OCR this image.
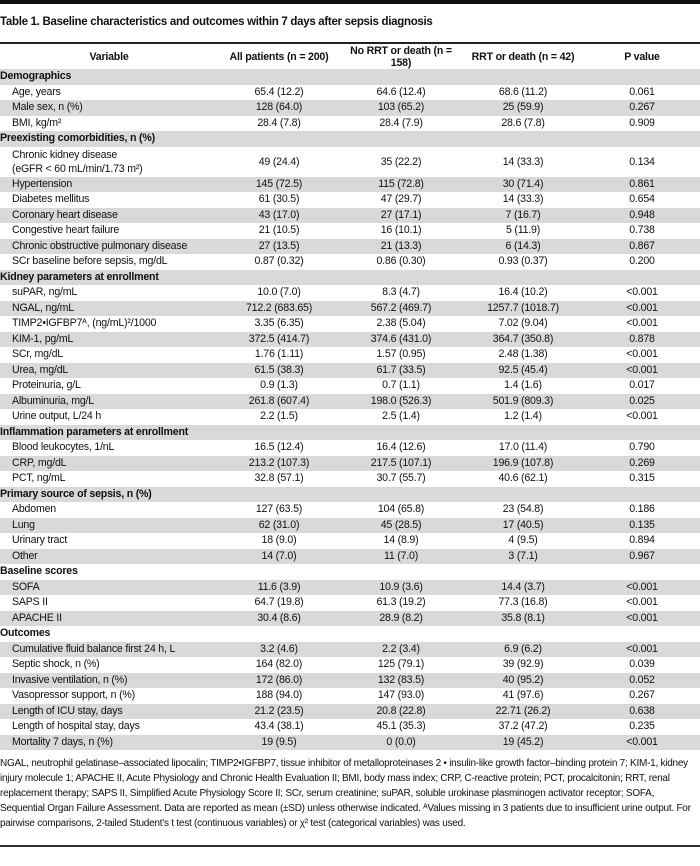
Table 1. Baseline characteristics and outcomes within 7 days after sepsis diagnosis
Variable	All patients (n = 200)	No RRT or death (n = 158)	RRT or death (n = 42)	P value
Demographics				
Age, years	65.4 (12.2)	64.6 (12.4)	68.6 (11.2)	0.061
Male sex, n (%)	128 (64.0)	103 (65.2)	25 (59.9)	0.267
BMI, kg/m²	28.4 (7.8)	28.4 (7.9)	28.6 (7.8)	0.909
Preexisting comorbidities, n (%)				
Chronic kidney disease
(eGFR < 60 mL/min/1.73 m²)	49 (24.4)	35 (22.2)	14 (33.3)	0.134
Hypertension	145 (72.5)	115 (72.8)	30 (71.4)	0.861
Diabetes mellitus	61 (30.5)	47 (29.7)	14 (33.3)	0.654
Coronary heart disease	43 (17.0)	27 (17.1)	7 (16.7)	0.948
Congestive heart failure	21 (10.5)	16 (10.1)	5 (11.9)	0.738
Chronic obstructive pulmonary disease	27 (13.5)	21 (13.3)	6 (14.3)	0.867
SCr baseline before sepsis, mg/dL	0.87 (0.32)	0.86 (0.30)	0.93 (0.37)	0.200
Kidney parameters at enrollment				
suPAR, ng/mL	10.0 (7.0)	8.3 (4.7)	16.4 (10.2)	<0.001
NGAL, ng/mL	712.2 (683.65)	567.2 (469.7)	1257.7 (1018.7)	<0.001
TIMP2•IGFBP7ᴬ, (ng/mL)²/1000	3.35 (6.35)	2.38 (5.04)	7.02 (9.04)	<0.001
KIM-1, pg/mL	372.5 (414.7)	374.6 (431.0)	364.7 (350.8)	0.878
SCr, mg/dL	1.76 (1.11)	1.57 (0.95)	2.48 (1.38)	<0.001
Urea, mg/dL	61.5 (38.3)	61.7 (33.5)	92.5 (45.4)	<0.001
Proteinuria, g/L	0.9 (1.3)	0.7 (1.1)	1.4 (1.6)	0.017
Albuminuria, mg/L	261.8 (607.4)	198.0 (526.3)	501.9 (809.3)	0.025
Urine output, L/24 h	2.2 (1.5)	2.5 (1.4)	1.2 (1.4)	<0.001
Inflammation parameters at enrollment				
Blood leukocytes, 1/nL	16.5 (12.4)	16.4 (12.6)	17.0 (11.4)	0.790
CRP, mg/dL	213.2 (107.3)	217.5 (107.1)	196.9 (107.8)	0.269
PCT, ng/mL	32.8 (57.1)	30.7 (55.7)	40.6 (62.1)	0.315
Primary source of sepsis, n (%)				
Abdomen	127 (63.5)	104 (65.8)	23 (54.8)	0.186
Lung	62 (31.0)	45 (28.5)	17 (40.5)	0.135
Urinary tract	18 (9.0)	14 (8.9)	4 (9.5)	0.894
Other	14 (7.0)	11 (7.0)	3 (7.1)	0.967
Baseline scores				
SOFA	11.6 (3.9)	10.9 (3.6)	14.4 (3.7)	<0.001
SAPS II	64.7 (19.8)	61.3 (19.2)	77.3 (16.8)	<0.001
APACHE II	30.4 (8.6)	28.9 (8.2)	35.8 (8.1)	<0.001
Outcomes				
Cumulative fluid balance first 24 h, L	3.2 (4.6)	2.2 (3.4)	6.9 (6.2)	<0.001
Septic shock, n (%)	164 (82.0)	125 (79.1)	39 (92.9)	0.039
Invasive ventilation, n (%)	172 (86.0)	132 (83.5)	40 (95.2)	0.052
Vasopressor support, n (%)	188 (94.0)	147 (93.0)	41 (97.6)	0.267
Length of ICU stay, days	21.2 (23.5)	20.8 (22.8)	22.71 (26.2)	0.638
Length of hospital stay, days	43.4 (38.1)	45.1 (35.3)	37.2 (47.2)	0.235
Mortality 7 days, n (%)	19 (9.5)	0 (0.0)	19 (45.2)	<0.001
NGAL, neutrophil gelatinase–associated lipocalin; TIMP2•IGFBP7, tissue inhibitor of metalloproteinases 2 • insulin-like growth factor–binding protein 7; KIM-1, kidney injury molecule 1; APACHE II, Acute Physiology and Chronic Health Evaluation II; BMI, body mass index; CRP, C-reactive protein; PCT, procalcitonin; RRT, renal replacement therapy; SAPS II, Simplified Acute Physiology Score II; SCr, serum creatinine; suPAR, soluble urokinase plasminogen activator receptor; SOFA, Sequential Organ Failure Assessment. Data are reported as mean (±SD) unless otherwise indicated. ᴬValues missing in 3 patients due to insufficient urine output. For pairwise comparisons, 2-tailed Student’s t test (continuous variables) or χ² test (categorical variables) was used.
